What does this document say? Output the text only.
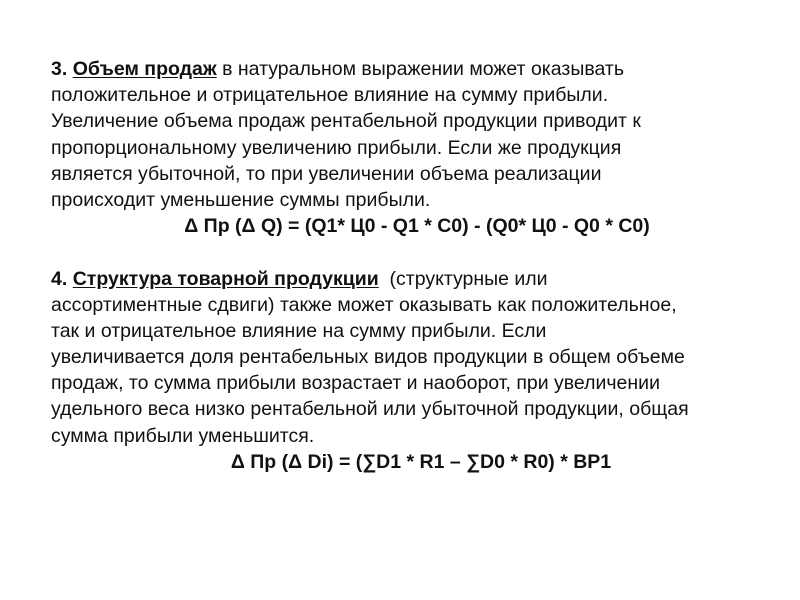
3. Объем продаж в натуральном выражении может оказывать
положительное и отрицательное влияние на сумму прибыли.
Увеличение объема продаж рентабельной продукции приводит к
пропорциональному увеличению прибыли. Если же продукция
является убыточной, то при увеличении объема реализации
происходит уменьшение суммы прибыли.
Δ Пр (Δ Q) = (Q1* Ц0 - Q1 * C0) - (Q0* Ц0 - Q0 * C0)
4. Структура товарной продукции  (структурные или
ассортиментные сдвиги) также может оказывать как положительное,
так и отрицательное влияние на сумму прибыли. Если
увеличивается доля рентабельных видов продукции в общем объеме
продаж, то сумма прибыли возрастает и наоборот, при увеличении
удельного веса низко рентабельной или убыточной продукции, общая
сумма прибыли уменьшится.
Δ Пр (Δ Di) = (∑D1 * R1 – ∑D0 * R0) * ВР1
